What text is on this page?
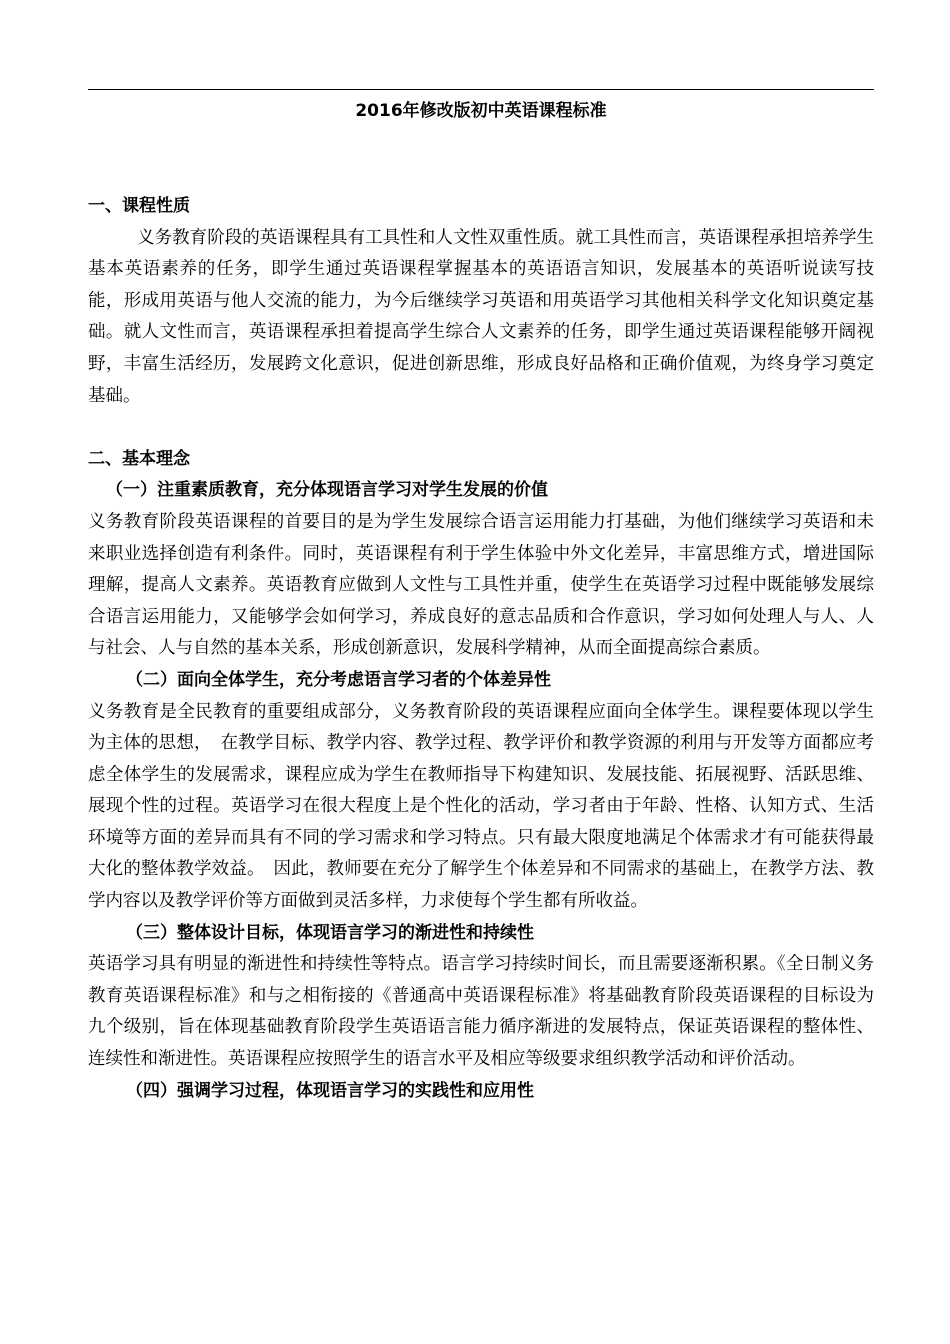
2016年修改版初中英语课程标准

一、课程性质

义务教育阶段的英语课程具有工具性和人文性双重性质。就工具性而言，英语课程承担培养学生基本英语素养的任务，即学生通过英语课程掌握基本的英语语言知识，发展基本的英语听说读写技能，形成用英语与他人交流的能力，为今后继续学习英语和用英语学习其他相关科学文化知识奠定基础。就人文性而言，英语课程承担着提高学生综合人文素养的任务，即学生通过英语课程能够开阔视野，丰富生活经历，发展跨文化意识，促进创新思维，形成良好品格和正确价值观，为终身学习奠定基础。

二、基本理念

（一）注重素质教育，充分体现语言学习对学生发展的价值

义务教育阶段英语课程的首要目的是为学生发展综合语言运用能力打基础，为他们继续学习英语和未来职业选择创造有利条件。同时，英语课程有利于学生体验中外文化差异，丰富思维方式，增进国际理解，提高人文素养。英语教育应做到人文性与工具性并重，使学生在英语学习过程中既能够发展综合语言运用能力，又能够学会如何学习，养成良好的意志品质和合作意识，学习如何处理人与人、人与社会、人与自然的基本关系，形成创新意识，发展科学精神，从而全面提高综合素质。

（二）面向全体学生，充分考虑语言学习者的个体差异性

义务教育是全民教育的重要组成部分，义务教育阶段的英语课程应面向全体学生。课程要体现以学生为主体的思想，　在教学目标、教学内容、教学过程、教学评价和教学资源的利用与开发等方面都应考虑全体学生的发展需求，课程应成为学生在教师指导下构建知识、发展技能、拓展视野、活跃思维、展现个性的过程。英语学习在很大程度上是个性化的活动，学习者由于年龄、性格、认知方式、生活环境等方面的差异而具有不同的学习需求和学习特点。只有最大限度地满足个体需求才有可能获得最大化的整体教学效益。　因此，教师要在充分了解学生个体差异和不同需求的基础上，在教学方法、教学内容以及教学评价等方面做到灵活多样，力求使每个学生都有所收益。

（三）整体设计目标，体现语言学习的渐进性和持续性

英语学习具有明显的渐进性和持续性等特点。语言学习持续时间长，而且需要逐渐积累。《全日制义务教育英语课程标准》和与之相衔接的《普通高中英语课程标准》将基础教育阶段英语课程的目标设为九个级别，旨在体现基础教育阶段学生英语语言能力循序渐进的发展特点，保证英语课程的整体性、连续性和渐进性。英语课程应按照学生的语言水平及相应等级要求组织教学活动和评价活动。

（四）强调学习过程，体现语言学习的实践性和应用性
